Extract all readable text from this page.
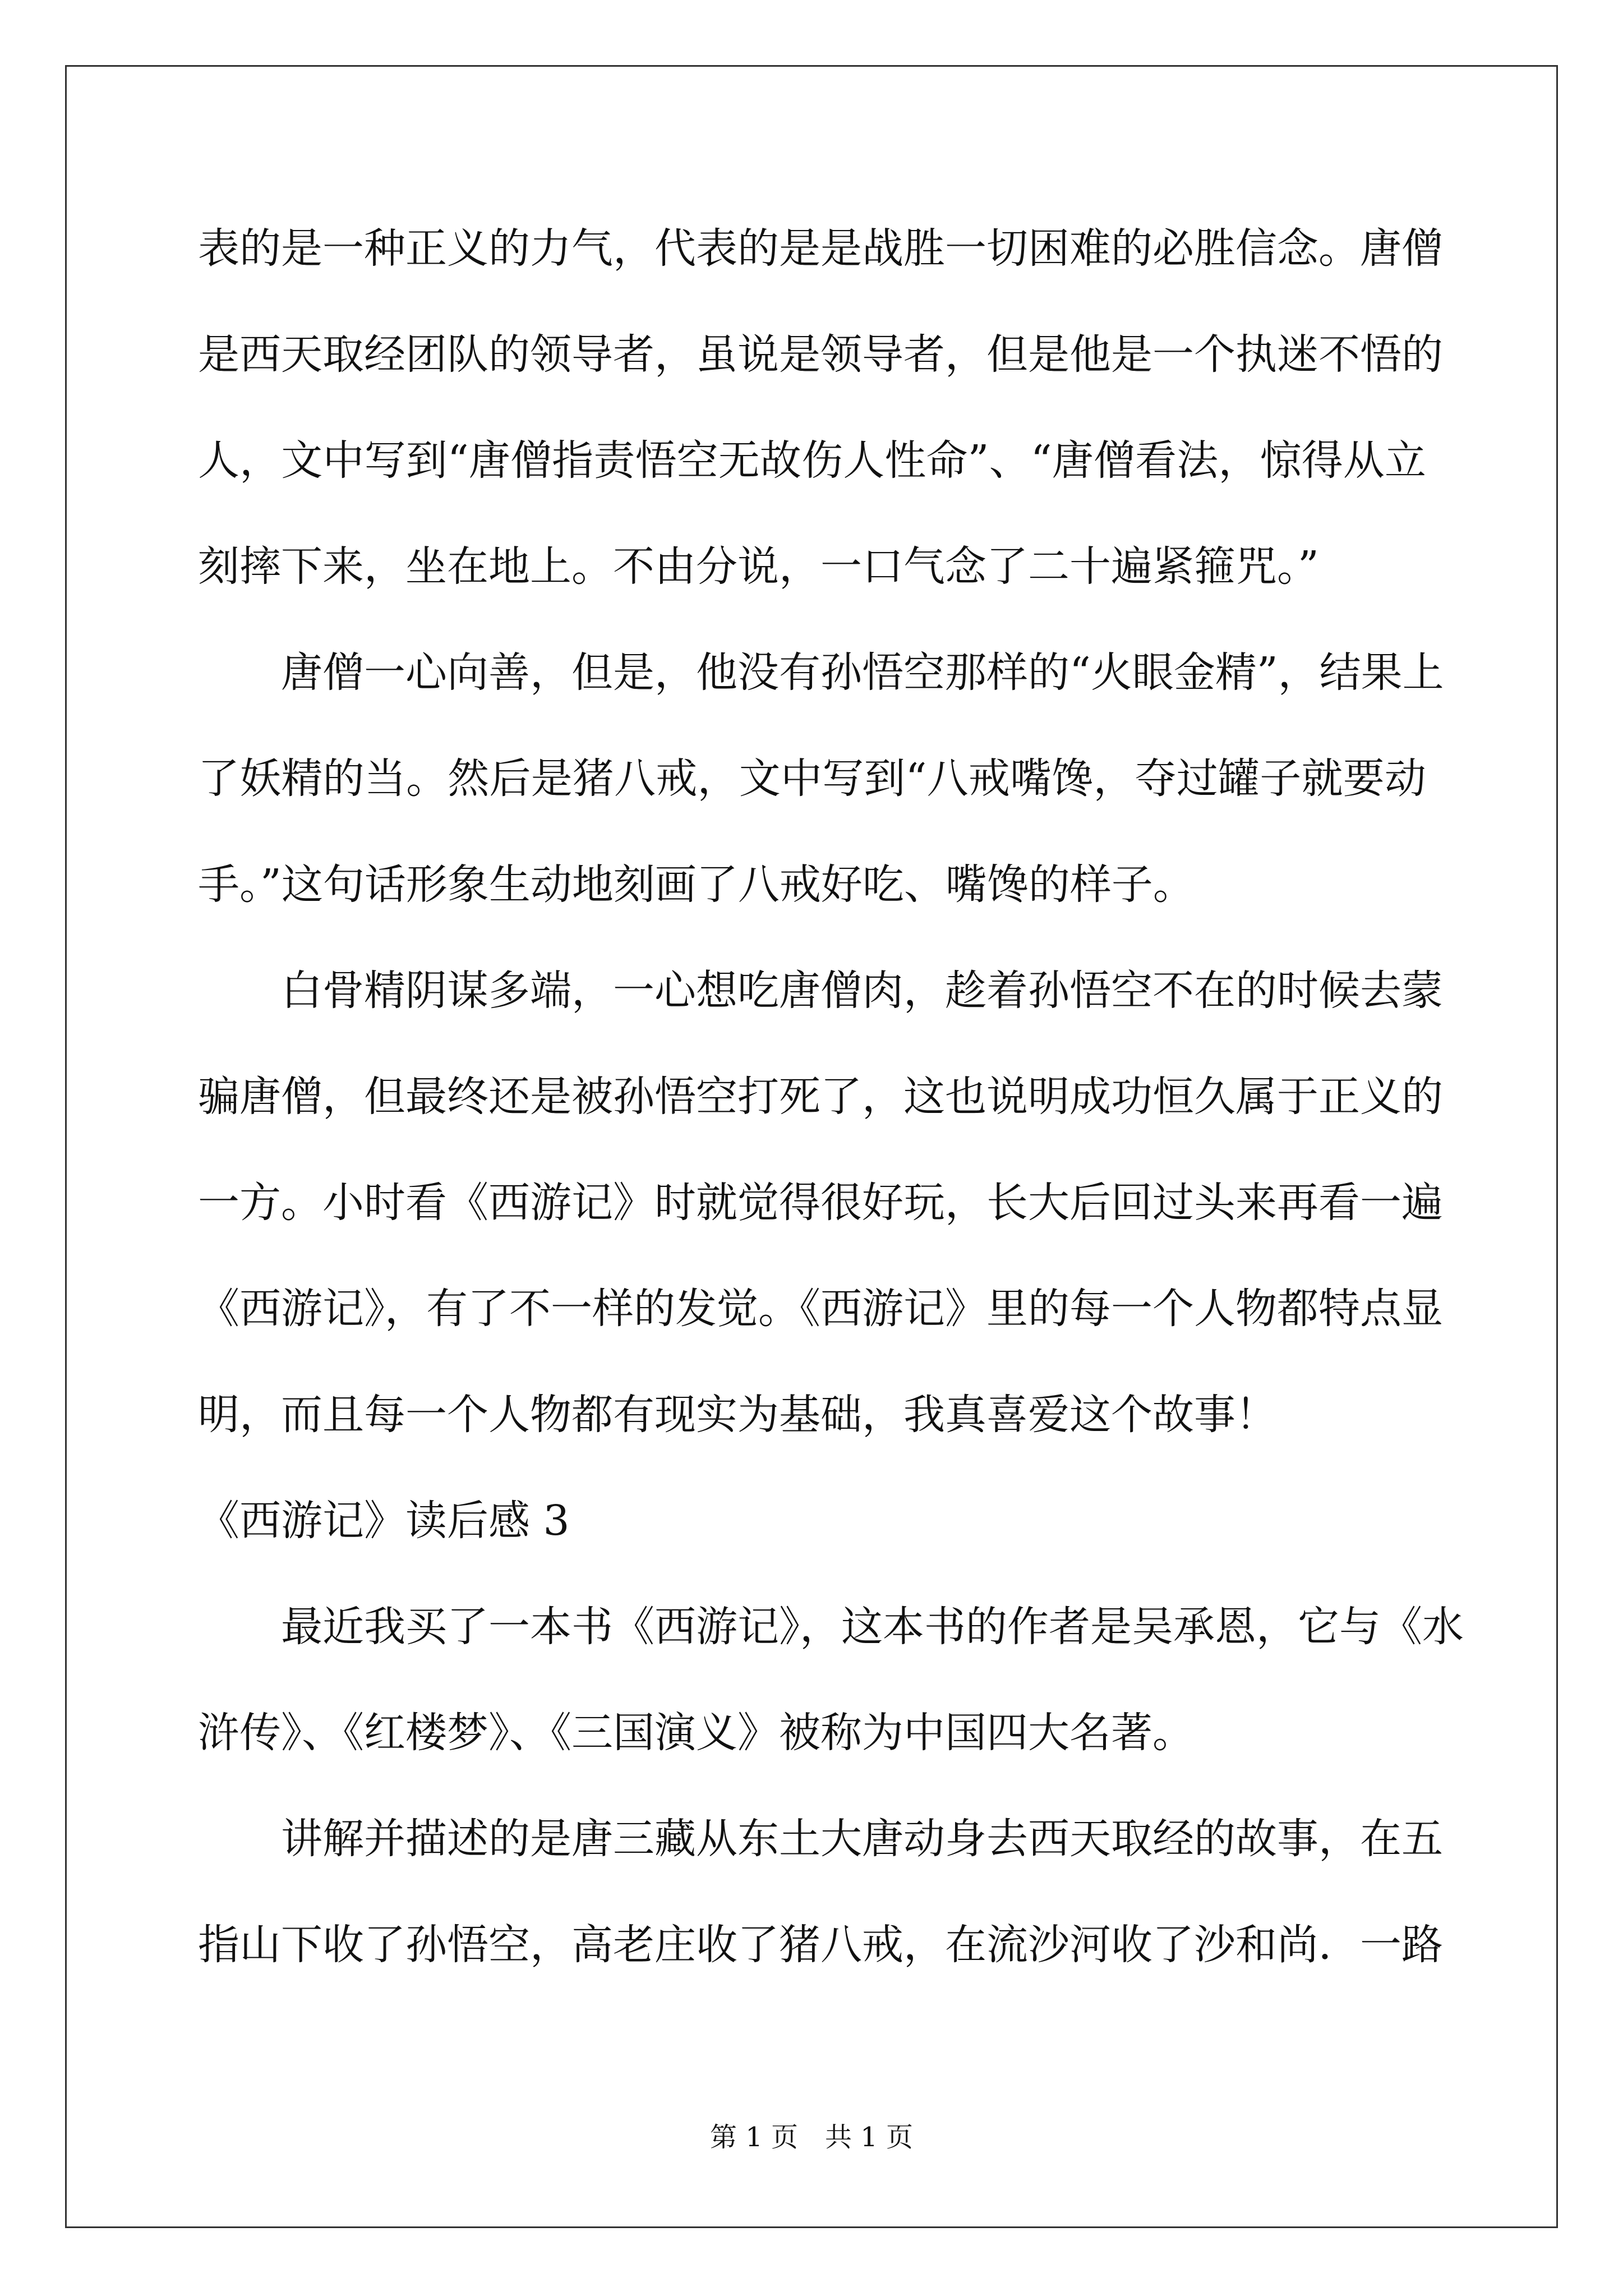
表的是一种正义的力气，代表的是是战胜一切困难的必胜信念。唐僧
是西天取经团队的领导者，虽说是领导者，但是他是一个执迷不悟的
人，文中写到“唐僧指责悟空无故伤人性命”、“唐僧看法，惊得从立
刻摔下来，坐在地上。不由分说，一口气念了二十遍紧箍咒。”
唐僧一心向善，但是，他没有孙悟空那样的“火眼金精”，结果上
了妖精的当。然后是猪八戒，文中写到“八戒嘴馋，夺过罐子就要动
手。”这句话形象生动地刻画了八戒好吃、嘴馋的样子。
白骨精阴谋多端，一心想吃唐僧肉，趁着孙悟空不在的时候去蒙
骗唐僧，但最终还是被孙悟空打死了，这也说明成功恒久属于正义的
一方。小时看《西游记》时就觉得很好玩，长大后回过头来再看一遍
《西游记》，有了不一样的发觉。《西游记》里的每一个人物都特点显
明，而且每一个人物都有现实为基础，我真喜爱这个故事！
《西游记》读后感 3
最近我买了一本书《西游记》，这本书的作者是吴承恩，它与《水
浒传》、《红楼梦》、《三国演义》被称为中国四大名著。
讲解并描述的是唐三藏从东土大唐动身去西天取经的故事，在五
指山下收了孙悟空，高老庄收了猪八戒，在流沙河收了沙和尚．一路
第 1 页 共 1 页
